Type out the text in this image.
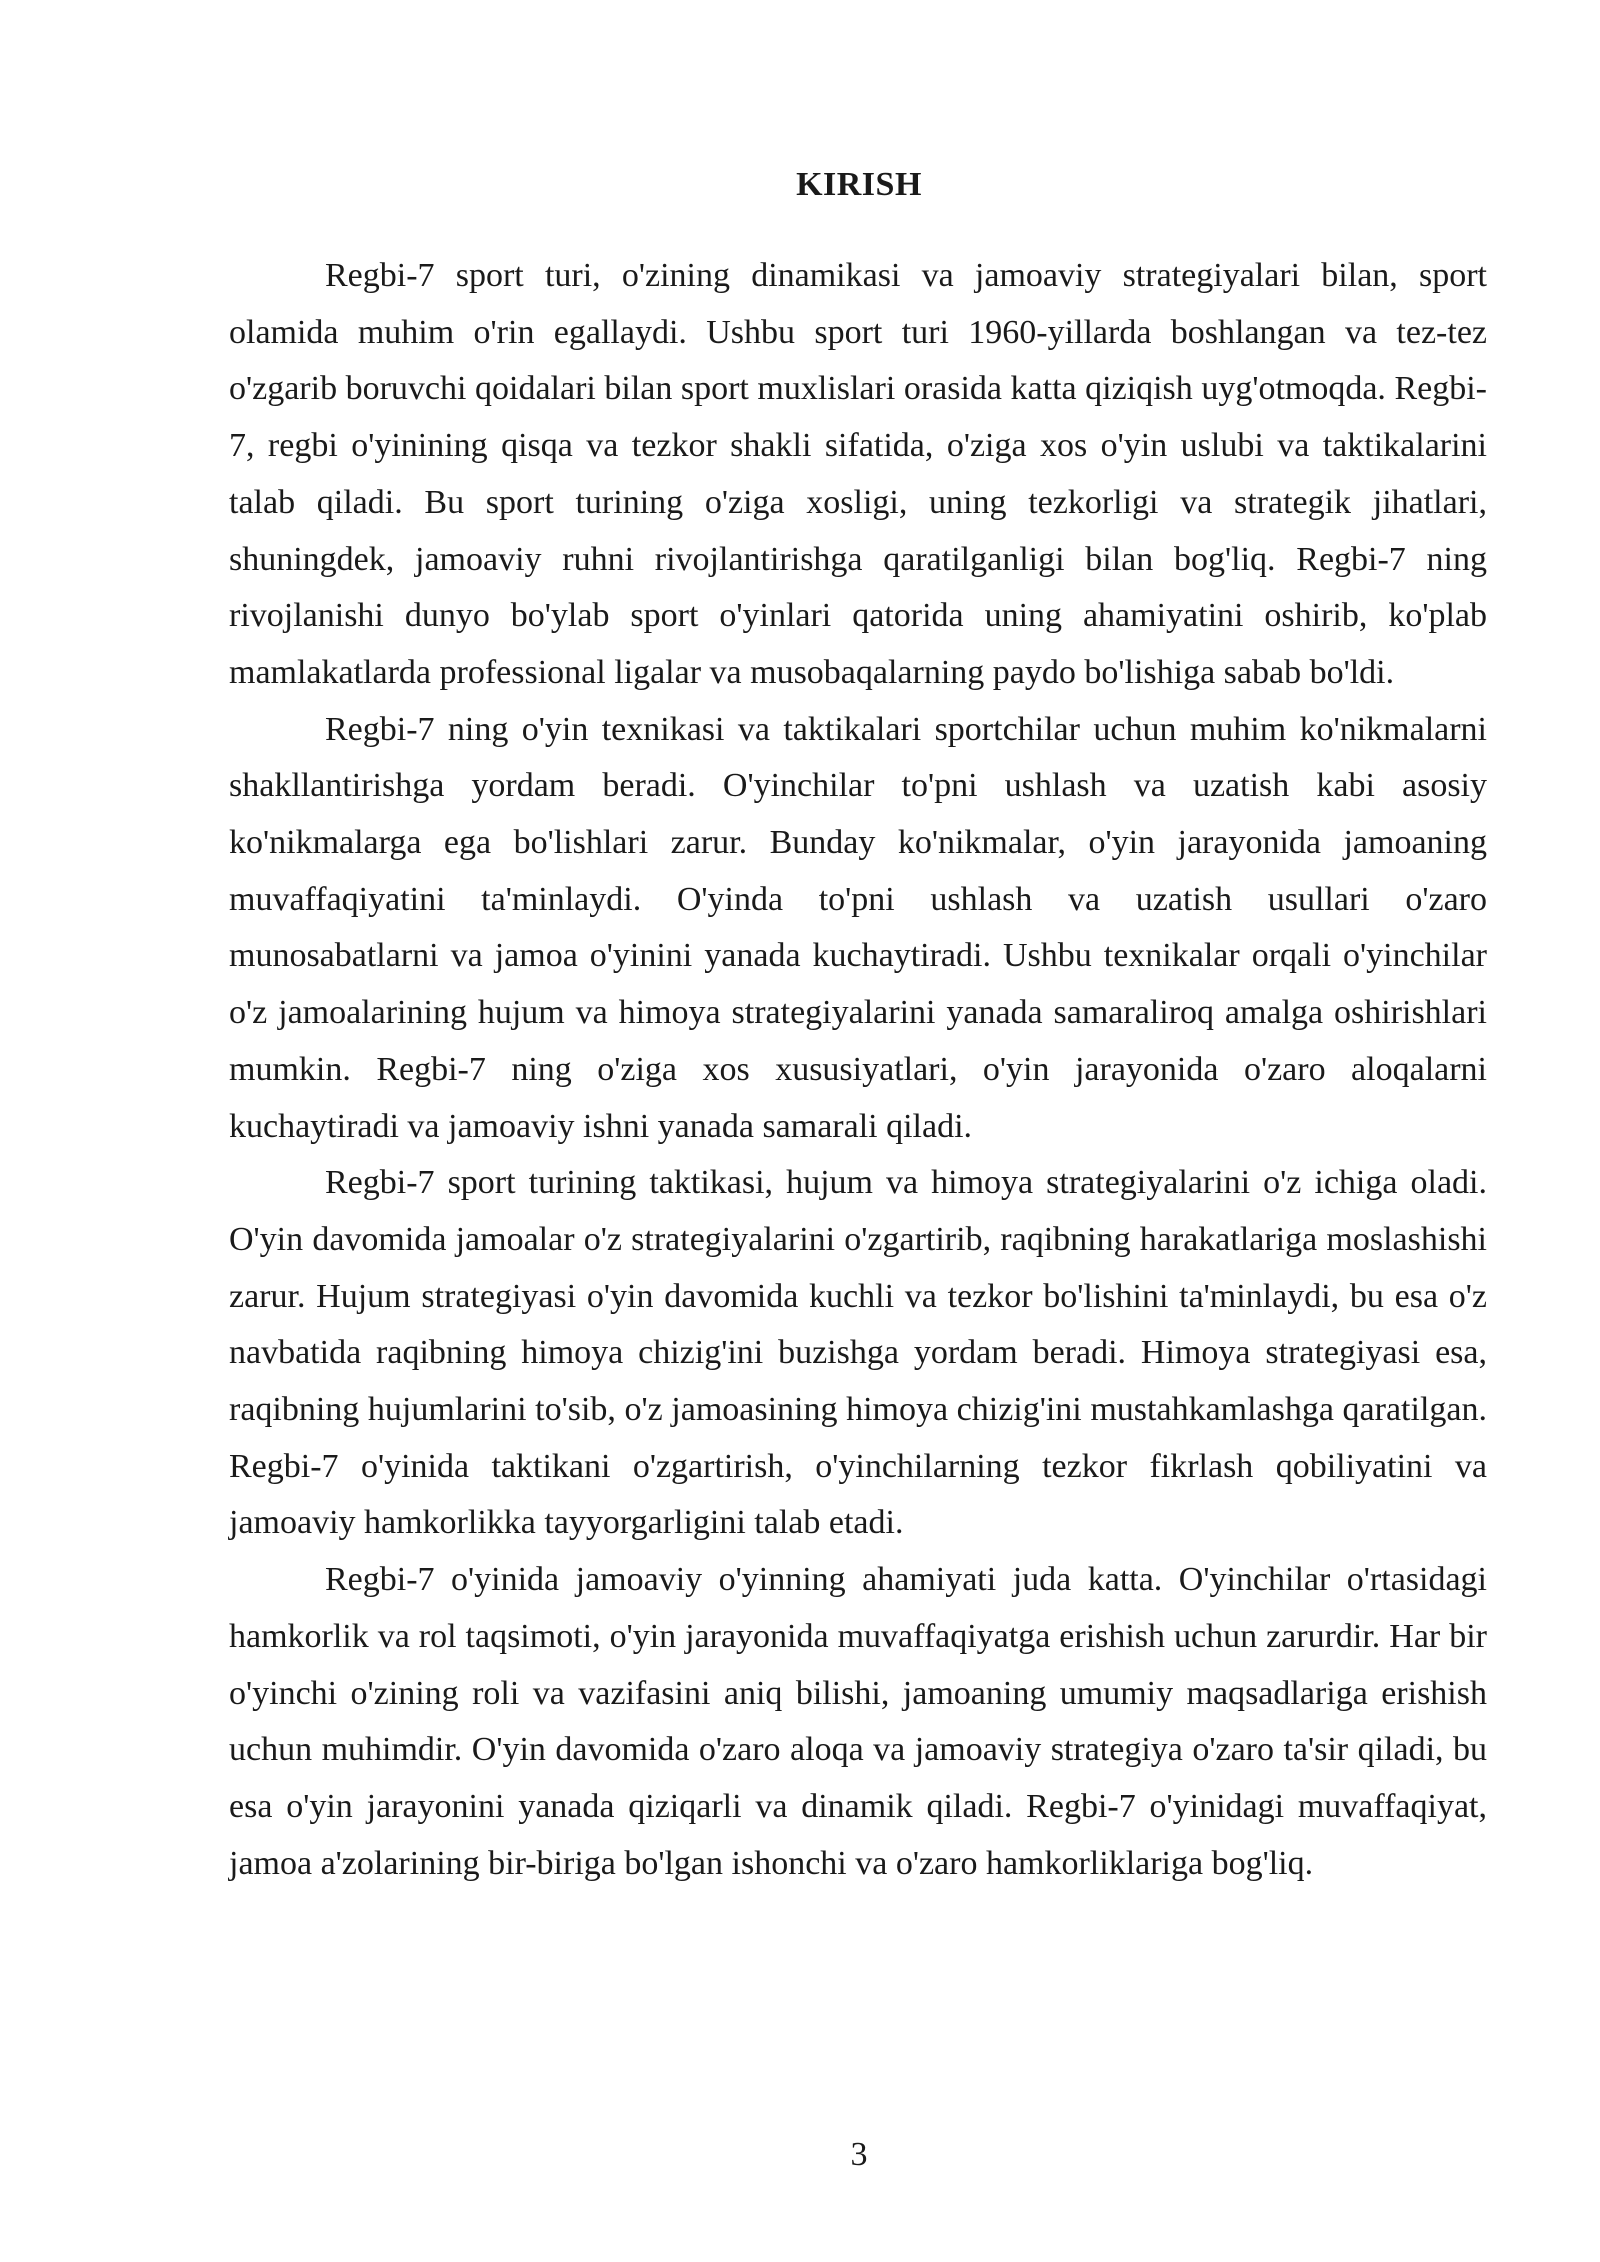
KIRISH

Regbi-7 sport turi, o'zining dinamikasi va jamoaviy strategiyalari bilan, sport olamida muhim o'rin egallaydi. Ushbu sport turi 1960-yillarda boshlangan va tez-tez o'zgarib boruvchi qoidalari bilan sport muxlislari orasida katta qiziqish uyg'otmoqda. Regbi-7, regbi o'yinining qisqa va tezkor shakli sifatida, o'ziga xos o'yin uslubi va taktikalarini talab qiladi. Bu sport turining o'ziga xosligi, uning tezkorligi va strategik jihatlari, shuningdek, jamoaviy ruhni rivojlantirishga qaratilganligi bilan bog'liq. Regbi-7 ning rivojlanishi dunyo bo'ylab sport o'yinlari qatorida uning ahamiyatini oshirib, ko'plab mamlakatlarda professional ligalar va musobaqalarning paydo bo'lishiga sabab bo'ldi.

Regbi-7 ning o'yin texnikasi va taktikalari sportchilar uchun muhim ko'nikmalarni shakllantirishga yordam beradi. O'yinchilar to'pni ushlash va uzatish kabi asosiy ko'nikmalarga ega bo'lishlari zarur. Bunday ko'nikmalar, o'yin jarayonida jamoaning muvaffaqiyatini ta'minlaydi. O'yinda to'pni ushlash va uzatish usullari o'zaro munosabatlarni va jamoa o'yinini yanada kuchaytiradi. Ushbu texnikalar orqali o'yinchilar o'z jamoalarining hujum va himoya strategiyalarini yanada samaraliroq amalga oshirishlari mumkin. Regbi-7 ning o'ziga xos xususiyatlari, o'yin jarayonida o'zaro aloqalarni kuchaytiradi va jamoaviy ishni yanada samarali qiladi.

Regbi-7 sport turining taktikasi, hujum va himoya strategiyalarini o'z ichiga oladi. O'yin davomida jamoalar o'z strategiyalarini o'zgartirib, raqibning harakatlariga moslashishi zarur. Hujum strategiyasi o'yin davomida kuchli va tezkor bo'lishini ta'minlaydi, bu esa o'z navbatida raqibning himoya chizig'ini buzishga yordam beradi. Himoya strategiyasi esa, raqibning hujumlarini to'sib, o'z jamoasining himoya chizig'ini mustahkamlashga qaratilgan. Regbi-7 o'yinida taktikani o'zgartirish, o'yinchilarning tezkor fikrlash qobiliyatini va jamoaviy hamkorlikka tayyorgarligini talab etadi.

Regbi-7 o'yinida jamoaviy o'yinning ahamiyati juda katta. O'yinchilar o'rtasidagi hamkorlik va rol taqsimoti, o'yin jarayonida muvaffaqiyatga erishish uchun zarurdir. Har bir o'yinchi o'zining roli va vazifasini aniq bilishi, jamoaning umumiy maqsadlariga erishish uchun muhimdir. O'yin davomida o'zaro aloqa va jamoaviy strategiya o'zaro ta'sir qiladi, bu esa o'yin jarayonini yanada qiziqarli va dinamik qiladi. Regbi-7 o'yinidagi muvaffaqiyat, jamoa a'zolarining bir-biriga bo'lgan ishonchi va o'zaro hamkorliklariga bog'liq.

3
